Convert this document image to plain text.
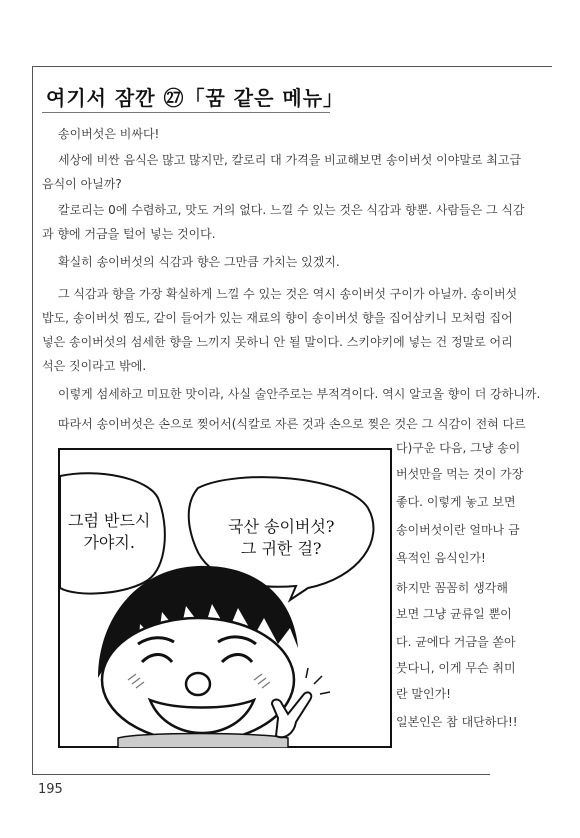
여기서 잠깐 ㉗「꿈 같은 메뉴」
송이버섯은 비싸다!
세상에 비싼 음식은 많고 많지만, 칼로리 대 가격을 비교해보면 송이버섯 이야말로 최고급
음식이 아닐까?
칼로리는 0에 수렴하고, 맛도 거의 없다. 느낄 수 있는 것은 식감과 향뿐. 사람들은 그 식감
과 향에 거금을 털어 넣는 것이다.
확실히 송이버섯의 식감과 향은 그만큼 가치는 있겠지.
그 식감과 향을 가장 확실하게 느낄 수 있는 것은 역시 송이버섯 구이가 아닐까. 송이버섯
밥도, 송이버섯 찜도, 같이 들어가 있는 재료의 향이 송이버섯 향을 집어삼키니 모처럼 집어
넣은 송이버섯의 섬세한 향을 느끼지 못하니 안 될 말이다. 스키야키에 넣는 건 정말로 어리
석은 짓이라고 밖에.
이렇게 섬세하고 미묘한 맛이라, 사실 술안주로는 부적격이다. 역시 알코올 향이 더 강하니까.
따라서 송이버섯은 손으로 찢어서(식칼로 자른 것과 손으로 찢은 것은 그 식감이 전혀 다르
다)구운 다음, 그냥 송이
버섯만을 먹는 것이 가장
좋다. 이렇게 놓고 보면
송이버섯이란 얼마나 금
욕적인 음식인가!
하지만 꼼꼼히 생각해
보면 그냥 균류일 뿐이
다. 균에다 거금을 쏟아
붓다니, 이게 무슨 취미
란 말인가!
일본인은 참 대단하다!!
그럼 반드시
가야지.
국산 송이버섯?
그 귀한 걸?
195
